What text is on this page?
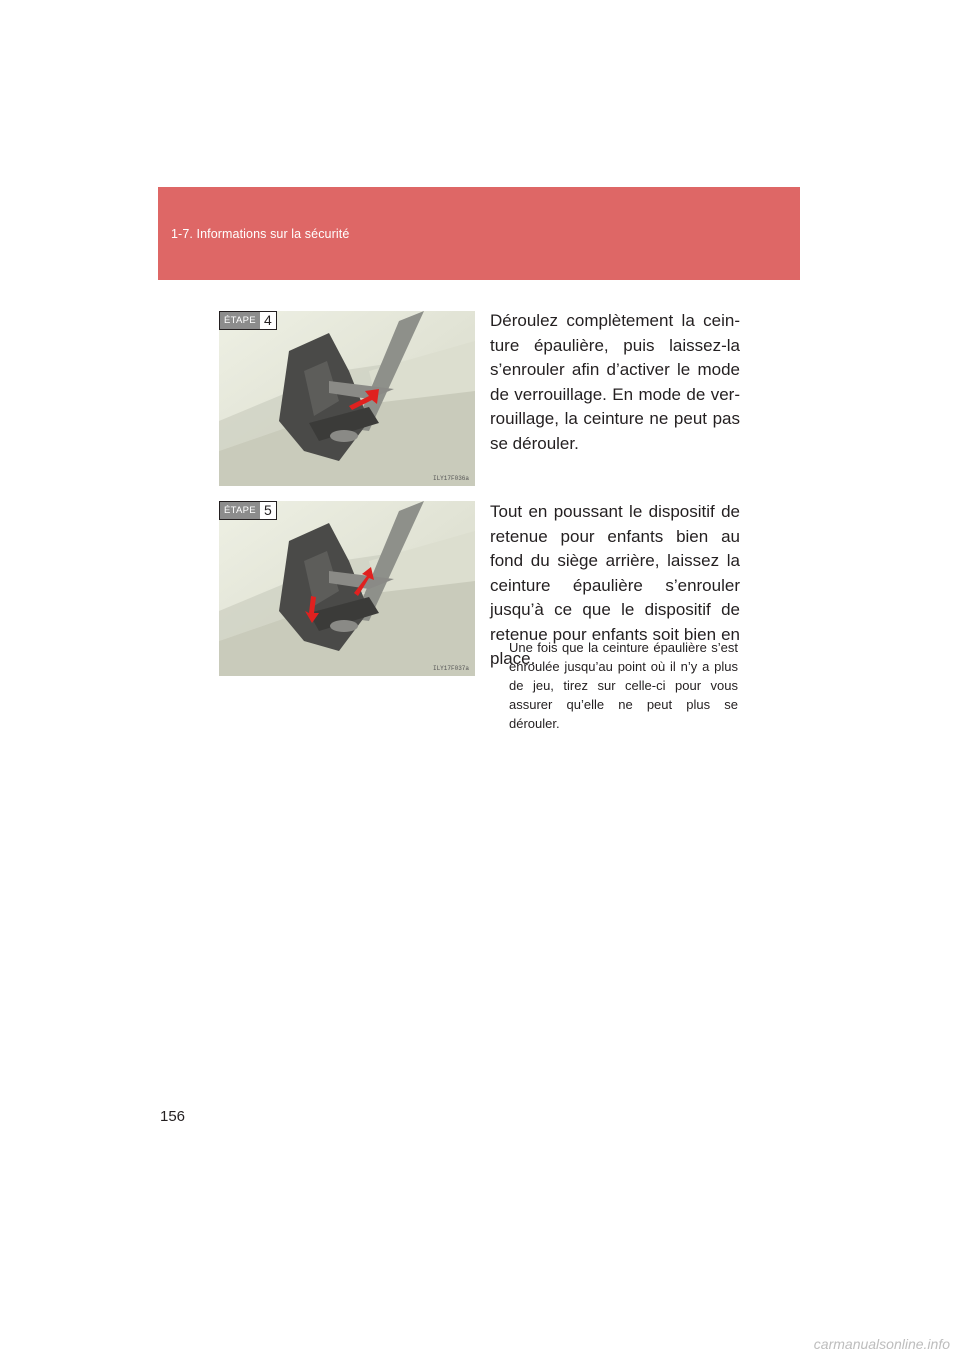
1-7. Informations sur la sécurité
ÉTAPE 4
ILY17F036a

Déroulez complètement la cein-ture épaulière, puis laissez-la s’enrouler afin d’activer le mode de verrouillage. En mode de ver-rouillage, la ceinture ne peut pas se dérouler.

ÉTAPE 5
ILY17F037a

Tout en poussant le dispositif de retenue pour enfants bien au fond du siège arrière, laissez la ceinture épaulière s’enrouler jusqu’à ce que le dispositif de retenue pour enfants soit bien en place.

Une fois que la ceinture épaulière s’est enroulée jusqu’au point où il n’y a plus de jeu, tirez sur celle-ci pour vous assurer qu’elle ne peut plus se dérouler.

156
carmanualsonline.info
